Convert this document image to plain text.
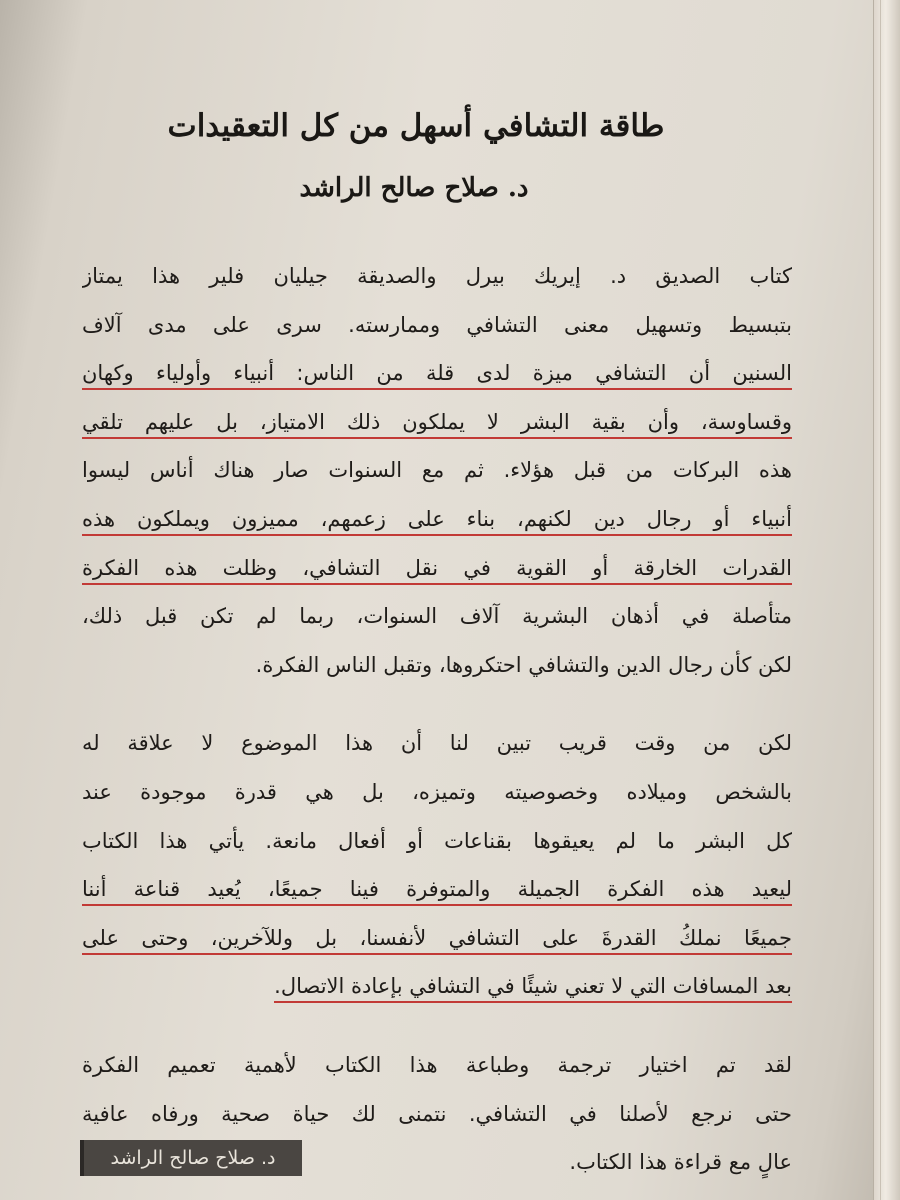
طاقة التشافي أسهل من كل التعقيدات
د. صلاح صالح الراشد

كتاب الصديق د. إيريك بيرل والصديقة جيليان فلير هذا يمتاز
بتبسيط وتسهيل معنى التشافي وممارسته. سرى على مدى آلاف
السنين أن التشافي ميزة لدى قلة من الناس: أنبياء وأولياء وكهان
وقساوسة، وأن بقية البشر لا يملكون ذلك الامتياز، بل عليهم تلقي
هذه البركات من قبل هؤلاء. ثم مع السنوات صار هناك أناس ليسوا
أنبياء أو رجال دين لكنهم، بناء على زعمهم، مميزون ويملكون هذه
القدرات الخارقة أو القوية في نقل التشافي، وظلت هذه الفكرة
متأصلة في أذهان البشرية آلاف السنوات، ربما لم تكن قبل ذلك،
لكن كأن رجال الدين والتشافي احتكروها، وتقبل الناس الفكرة.

لكن من وقت قريب تبين لنا أن هذا الموضوع لا علاقة له
بالشخص وميلاده وخصوصيته وتميزه، بل هي قدرة موجودة عند
كل البشر ما لم يعيقوها بقناعات أو أفعال مانعة. يأتي هذا الكتاب
ليعيد هذه الفكرة الجميلة والمتوفرة فينا جميعًا، يُعيد قناعة أننا
جميعًا نملكُ القدرةَ على التشافي لأنفسنا، بل وللآخرين، وحتى على
بعد المسافات التي لا تعني شيئًا في التشافي بإعادة الاتصال.

لقد تم اختيار ترجمة وطباعة هذا الكتاب لأهمية تعميم الفكرة
حتى نرجع لأصلنا في التشافي. نتمنى لك حياة صحية ورفاه عافية
عالٍ مع قراءة هذا الكتاب.

د. صلاح صالح الراشد
